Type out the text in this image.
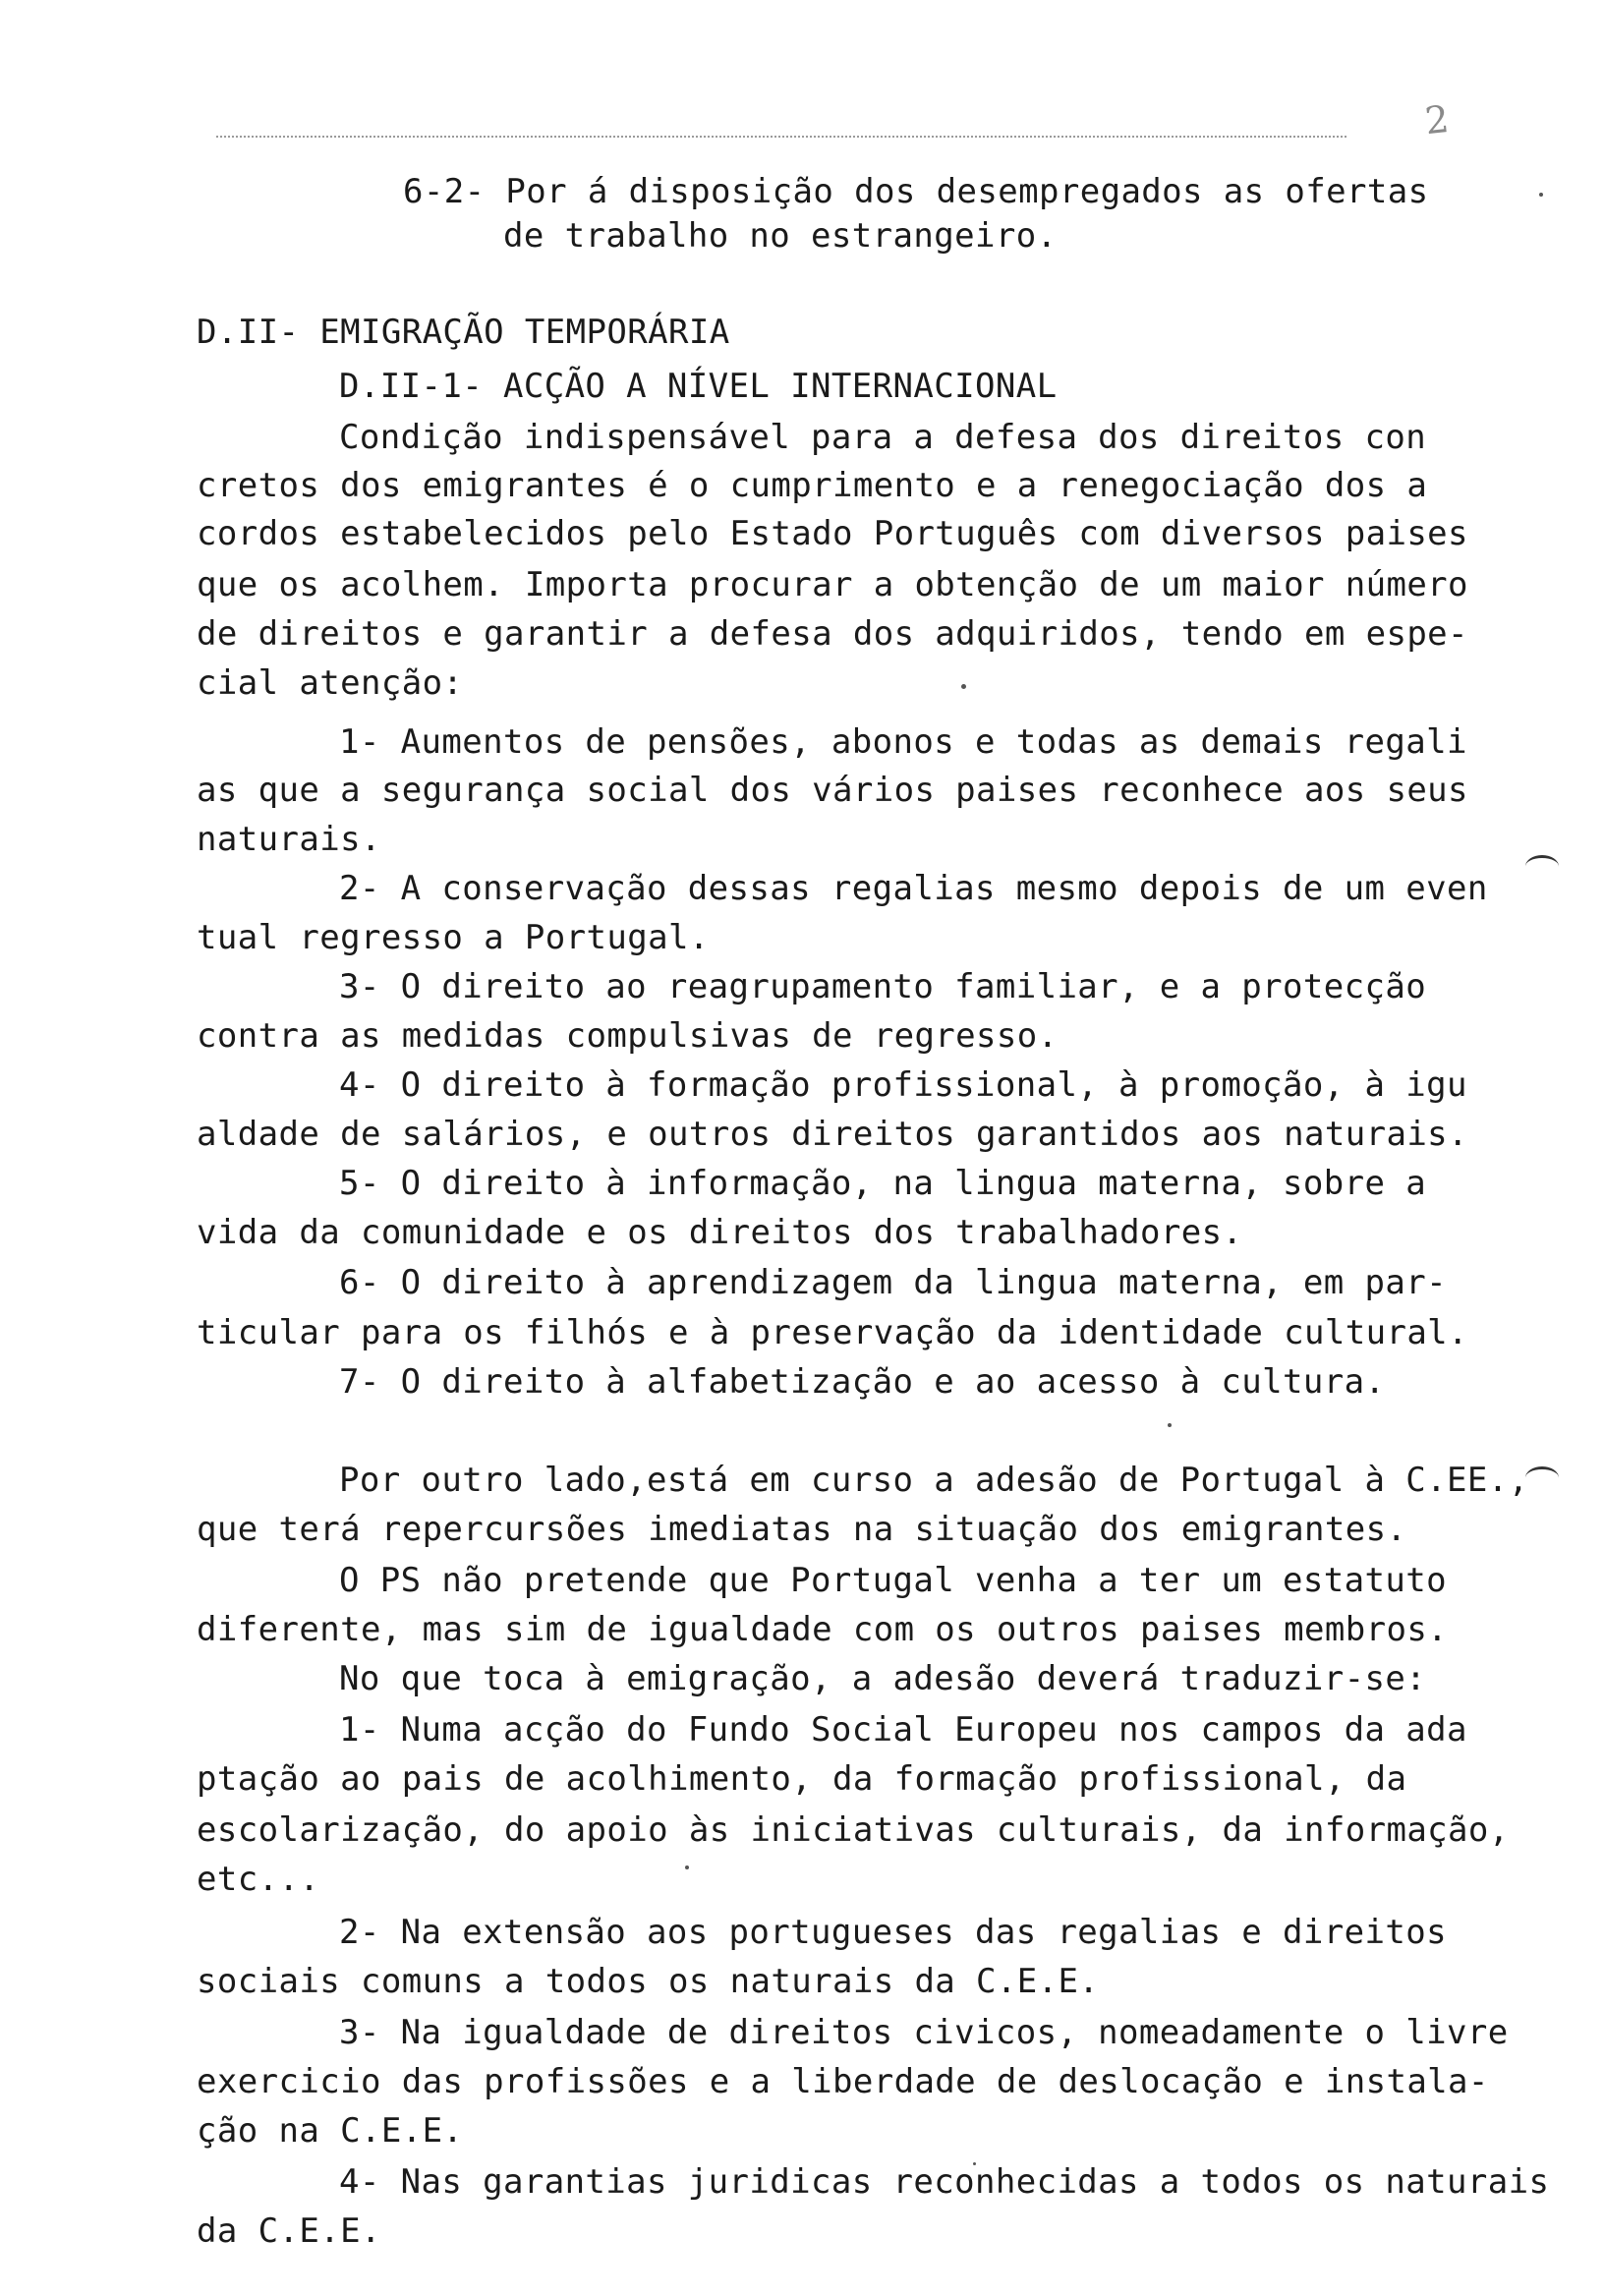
2
6-2- Por á disposição dos desempregados as ofertas
de trabalho no estrangeiro.
D.II- EMIGRAÇÃO TEMPORÁRIA
D.II-1- ACÇÃO A NÍVEL INTERNACIONAL
Condição indispensável para a defesa dos direitos con
cretos dos emigrantes é o cumprimento e a renegociação dos a
cordos estabelecidos pelo Estado Português com diversos paises
que os acolhem. Importa procurar a obtenção de um maior número
de direitos e garantir a defesa dos adquiridos, tendo em espe-
cial atenção:
1- Aumentos de pensões, abonos e todas as demais regali
as que a segurança social dos vários paises reconhece aos seus
naturais.
2- A conservação dessas regalias mesmo depois de um even
tual regresso a Portugal.
3- O direito ao reagrupamento familiar, e a protecção
contra as medidas compulsivas de regresso.
4- O direito à formação profissional, à promoção, à igu
aldade de salários, e outros direitos garantidos aos naturais.
5- O direito à informação, na lingua materna, sobre a
vida da comunidade e os direitos dos trabalhadores.
6- O direito à aprendizagem da lingua materna, em par-
ticular para os filhós e à preservação da identidade cultural.
7- O direito à alfabetização e ao acesso à cultura.
Por outro lado,está em curso a adesão de Portugal à C.EE.,
que terá repercursões imediatas na situação dos emigrantes.
O PS não pretende que Portugal venha a ter um estatuto
diferente, mas sim de igualdade com os outros paises membros.
No que toca à emigração, a adesão deverá traduzir-se:
1- Numa acção do Fundo Social Europeu nos campos da ada
ptação ao pais de acolhimento, da formação profissional, da
escolarização, do apoio às iniciativas culturais, da informação,
etc...
2- Na extensão aos portugueses das regalias e direitos
sociais comuns a todos os naturais da C.E.E.
3- Na igualdade de direitos civicos, nomeadamente o livre
exercicio das profissões e a liberdade de deslocação e instala-
ção na C.E.E.
4- Nas garantias juridicas reconhecidas a todos os naturais
da C.E.E.
